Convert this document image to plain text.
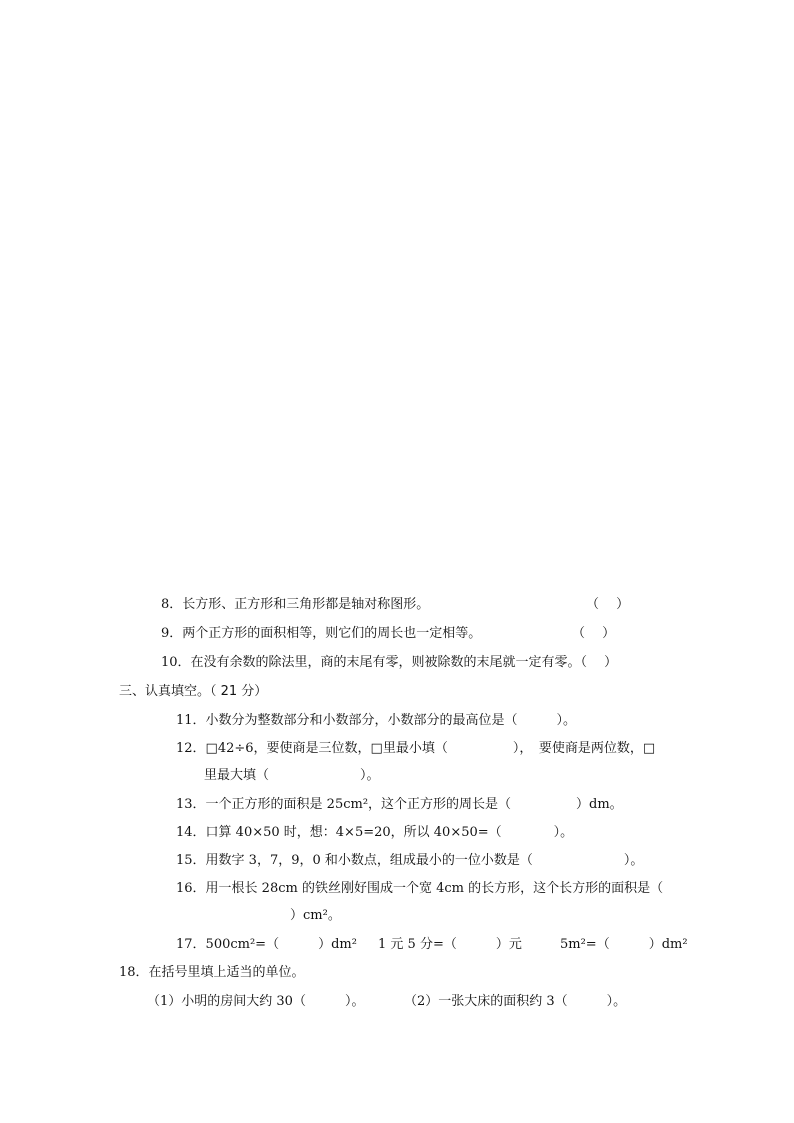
8．长方形、正方形和三角形都是轴对称图形。	（　 ）
9．两个正方形的面积相等，则它们的周长也一定相等。	（　 ）
10．在没有余数的除法里，商的末尾有零，则被除数的末尾就一定有零。（　 ）
三、认真填空。（ 21 分）
11．小数分为整数部分和小数部分，小数部分的最高位是（　　　）。
12．□42÷6，要使商是三位数，□里最小填（　　　　　），　要使商是两位数，□
里最大填（　　　　　　　）。
13．一个正方形的面积是 25cm²，这个正方形的周长是（　　　　　）dm。
14．口算 40×50 时，想：4×5=20，所以 40×50=（　　　　）。
15．用数字 3，7，9，0 和小数点，组成最小的一位小数是（　　　　　　　）。
16．用一根长 28cm 的铁丝刚好围成一个宽 4cm 的长方形，这个长方形的面积是（
　　　　）cm²。
17．500cm²=（　　　）dm² 1 元 5 分=（　　　）元	5m²=（　　　）dm²
18．在括号里填上适当的单位。
（1）小明的房间大约 30（　　　）。	（2）一张大床的面积约 3（　　　）。
